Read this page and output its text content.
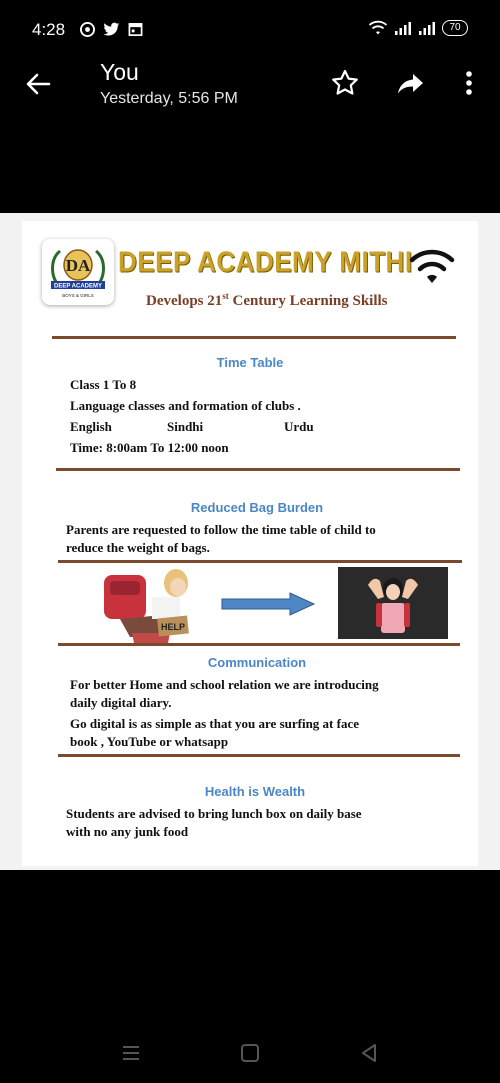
4:28	70
You
Yesterday, 5:56 PM
DA
DEEP ACADEMY
BOYS & GIRLS
DEEP ACADEMY MITHI
Develops 21st Century Learning Skills
Time Table
Class 1 To 8
Language classes and formation of clubs .
English	Sindhi	Urdu
Time: 8:00am To 12:00 noon
Reduced Bag Burden
Parents are requested to follow the time table of child to
reduce the weight of bags.
HELP
Communication
For better Home and school relation we are introducing
daily digital diary.
Go digital is as simple as that you are surfing at face
book , YouTube or whatsapp
Health is Wealth
Students are advised to bring lunch box on daily base
with no any junk food
